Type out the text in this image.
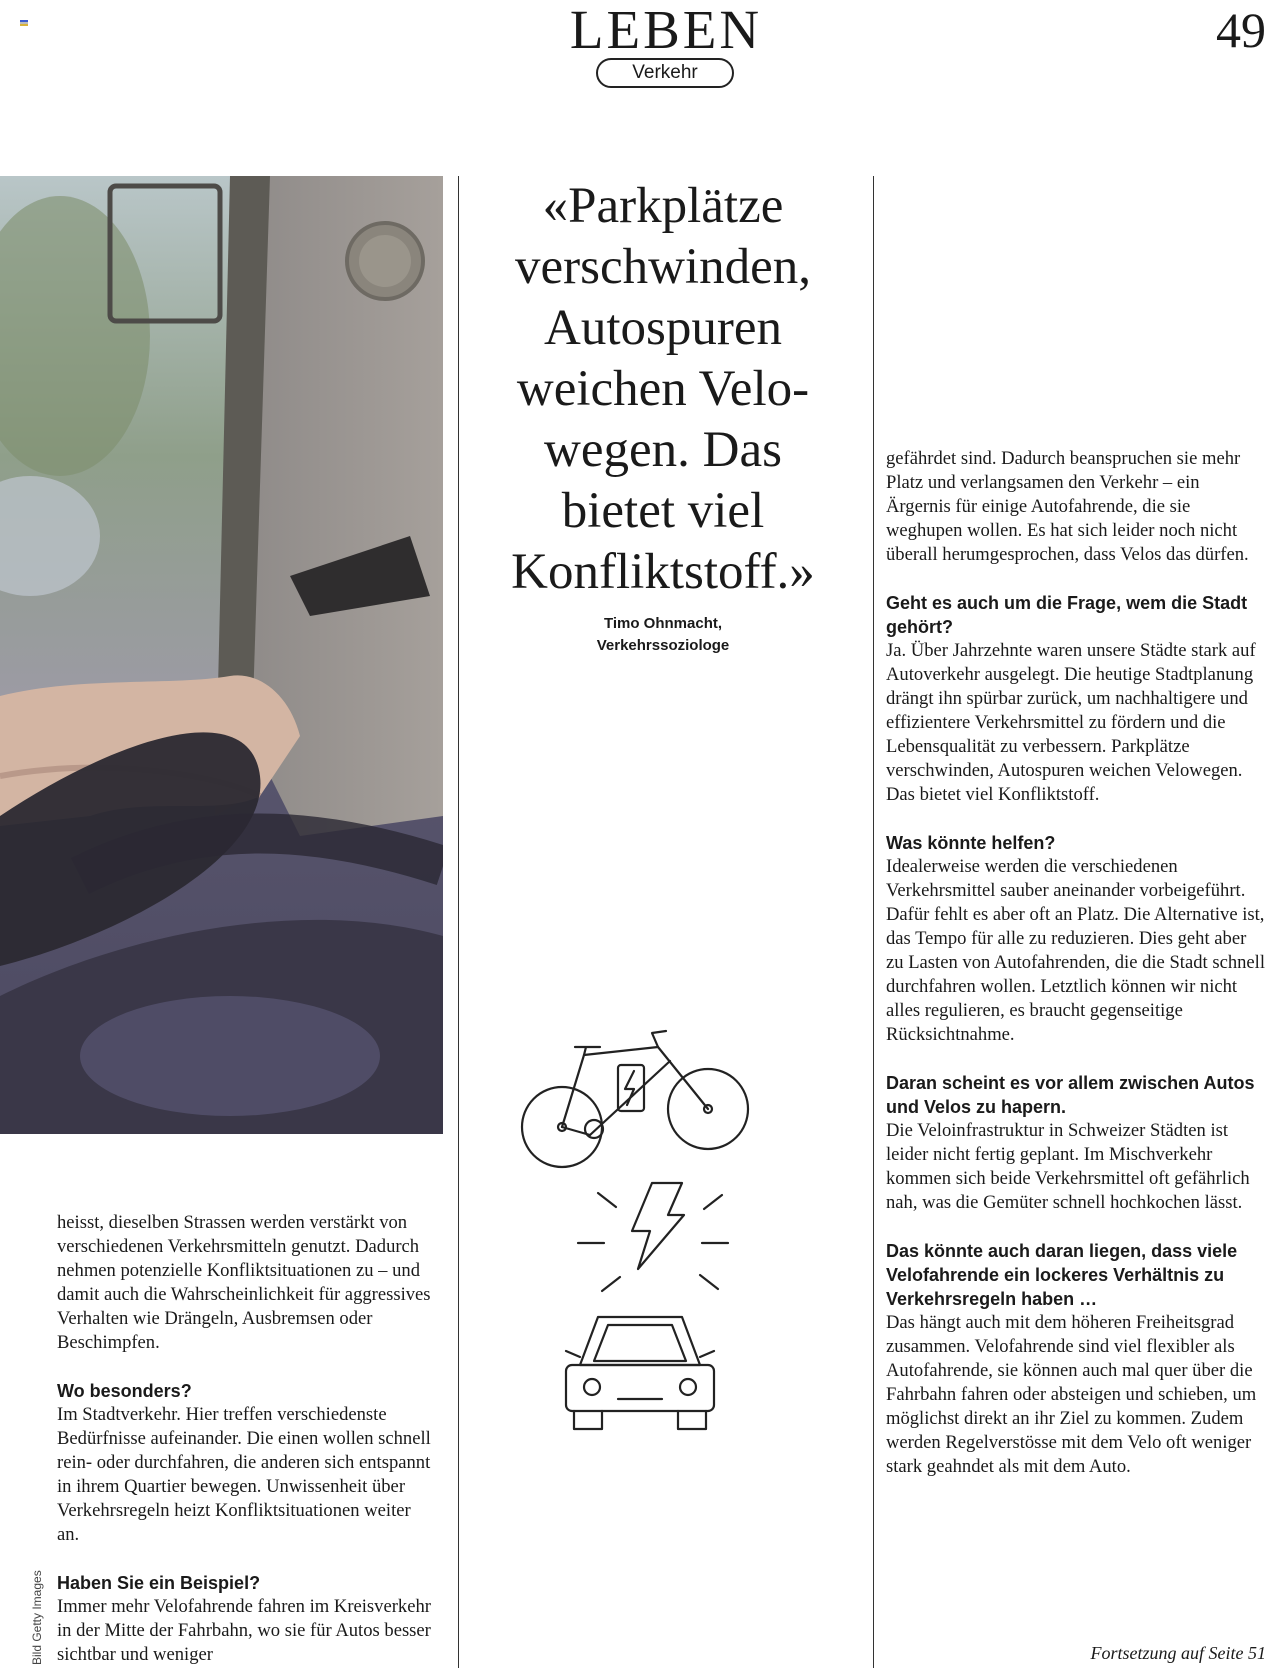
LEBEN
Verkehr
49
Bild Getty Images
«Parkplätze
verschwinden,
Autospuren
weichen Velo-
wegen. Das
bietet viel
Konfliktstoff.»
Timo Ohnmacht,
Verkehrssoziologe

heisst, dieselben Strassen werden verstärkt von verschiedenen Verkehrsmitteln genutzt. Dadurch nehmen potenzielle Konfliktsituationen zu – und damit auch die Wahrscheinlichkeit für aggressives Verhalten wie Drängeln, Ausbremsen oder Beschimpfen.

Wo besonders?

Im Stadtverkehr. Hier treffen verschiedenste Bedürfnisse aufeinander. Die einen wollen schnell rein- oder durchfahren, die anderen sich entspannt in ihrem Quartier bewegen. Unwissenheit über Verkehrsregeln heizt Konfliktsituationen weiter an.

Haben Sie ein Beispiel?

Immer mehr Velofahrende fahren im Kreisverkehr in der Mitte der Fahrbahn, wo sie für Autos besser sichtbar und weniger

gefährdet sind. Dadurch beanspruchen sie mehr Platz und verlangsamen den Verkehr – ein Ärgernis für einige Autofahrende, die sie weghupen wollen. Es hat sich leider noch nicht überall herumgesprochen, dass Velos das dürfen.

Geht es auch um die Frage, wem die Stadt gehört?

Ja. Über Jahrzehnte waren unsere Städte stark auf Autoverkehr ausgelegt. Die heutige Stadtplanung drängt ihn spürbar zurück, um nachhaltigere und effizientere Verkehrsmittel zu fördern und die Lebensqualität zu verbessern. Parkplätze verschwinden, Autospuren weichen Velowegen. Das bietet viel Konfliktstoff.

Was könnte helfen?

Idealerweise werden die verschiedenen Verkehrsmittel sauber aneinander vorbeigeführt. Dafür fehlt es aber oft an Platz. Die Alternative ist, das Tempo für alle zu reduzieren. Dies geht aber zu Lasten von Autofahrenden, die die Stadt schnell durchfahren wollen. Letztlich können wir nicht alles regulieren, es braucht gegenseitige Rücksichtnahme.

Daran scheint es vor allem zwischen Autos und Velos zu hapern.

Die Veloinfrastruktur in Schweizer Städten ist leider nicht fertig geplant. Im Mischverkehr kommen sich beide Verkehrsmittel oft gefährlich nah, was die Gemüter schnell hochkochen lässt.

Das könnte auch daran liegen, dass viele Velofahrende ein lockeres Verhältnis zu Verkehrsregeln haben …

Das hängt auch mit dem höheren Freiheitsgrad zusammen. Velofahrende sind viel flexibler als Autofahrende, sie können auch mal quer über die Fahrbahn fahren oder absteigen und schieben, um möglichst direkt an ihr Ziel zu kommen. Zudem werden Regelverstösse mit dem Velo oft weniger stark geahndet als mit dem Auto.

Fortsetzung auf Seite 51
